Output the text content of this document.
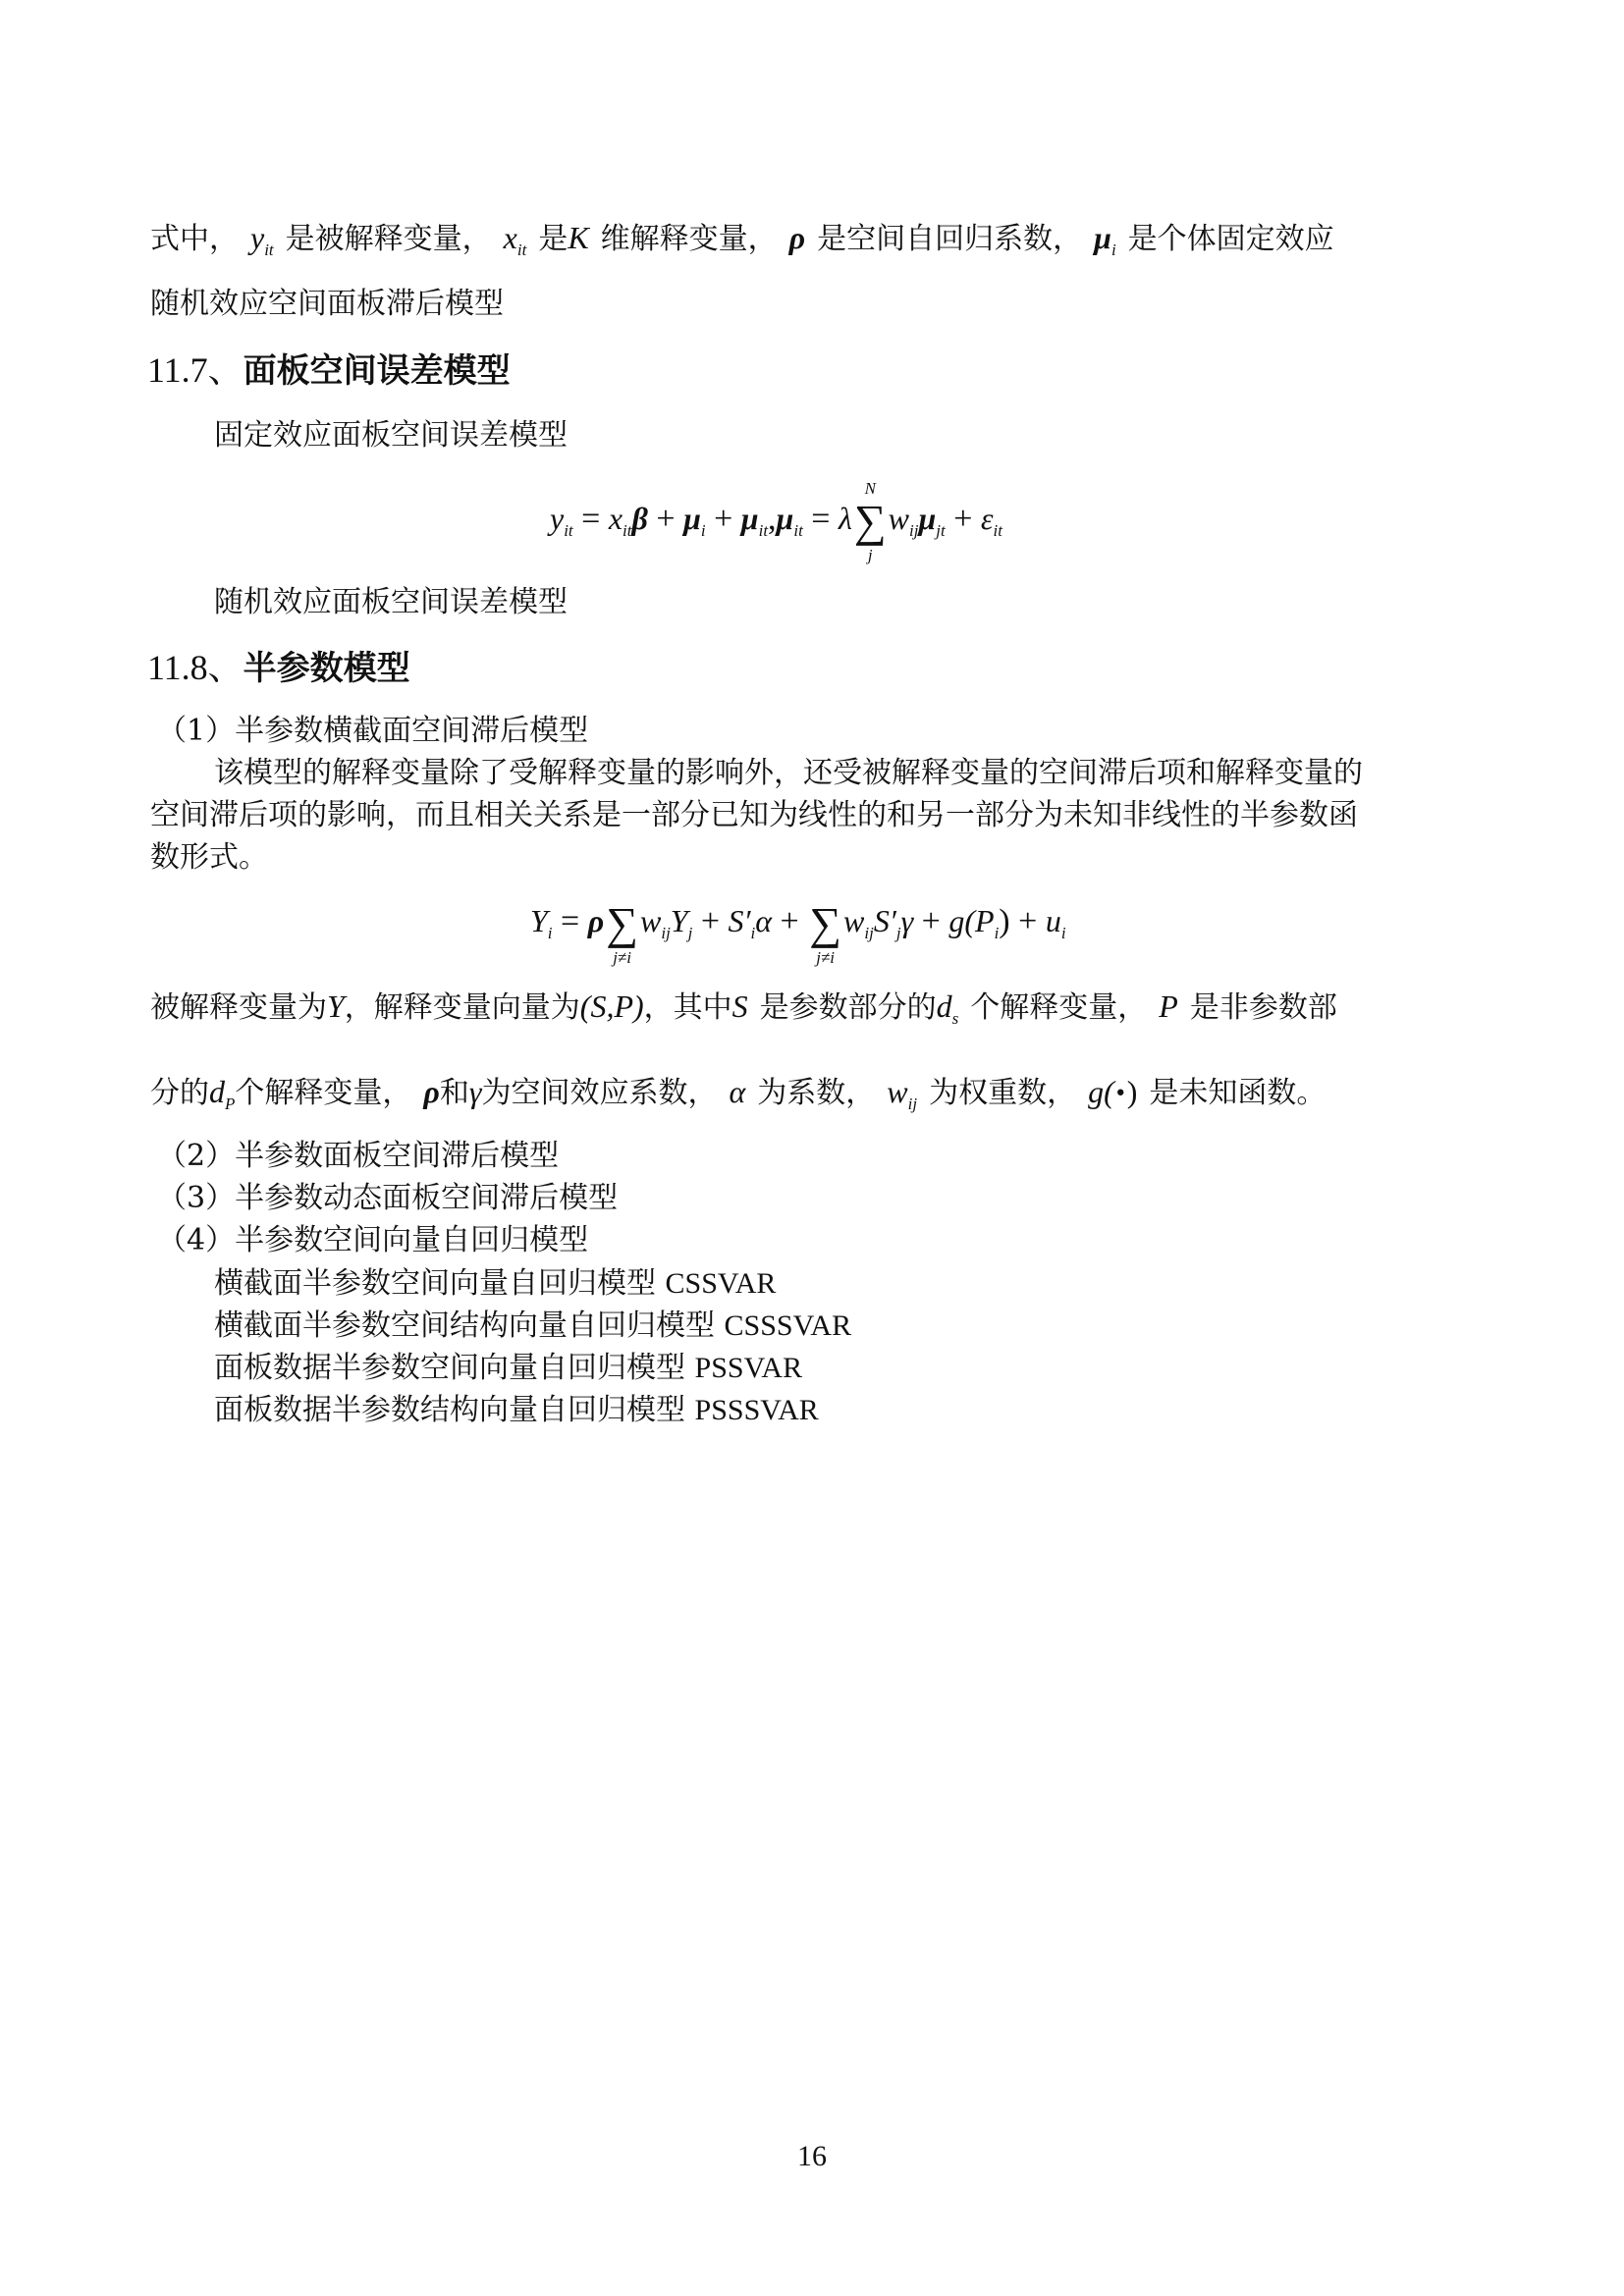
式中， $y_{it}$ 是被解释变量， $x_{it}$ 是K 维解释变量， ρ 是空间自回归系数， $\mu_i$ 是个体固定效应
随机效应空间面板滞后模型
11.7、面板空间误差模型
固定效应面板空间误差模型
$y_{it} = x_{it}\beta + \mu_i + \mu_{it},\mu_{it} = \lambda$
N
∑
j
$w_{ij}\mu_{jt} + \varepsilon_{it}$
随机效应面板空间误差模型
11.8、半参数模型
（1）半参数横截面空间滞后模型
该模型的解释变量除了受解释变量的影响外，还受被解释变量的空间滞后项和解释变量的
空间滞后项的影响，而且相关关系是一部分已知为线性的和另一部分为未知非线性的半参数函
数形式。
$Y_i = \rho$ ∑
j≠i
$w_{ij}Y_j + S'_i\alpha$ + ∑
j≠i
$w_{ij}S'_j\gamma + g(P_i) + u_i$
被解释变量为Y，解释变量向量为(S,P)，其中S 是参数部分的$d_s$ 个解释变量， P 是非参数部
分的$d_P$个解释变量， ρ和γ为空间效应系数， α 为系数， $w_{ij}$ 为权重数， g(•) 是未知函数。
（2）半参数面板空间滞后模型
（3）半参数动态面板空间滞后模型
（4）半参数空间向量自回归模型
横截面半参数空间向量自回归模型 CSSVAR
横截面半参数空间结构向量自回归模型 CSSSVAR
面板数据半参数空间向量自回归模型 PSSVAR
面板数据半参数结构向量自回归模型 PSSSVAR
16
